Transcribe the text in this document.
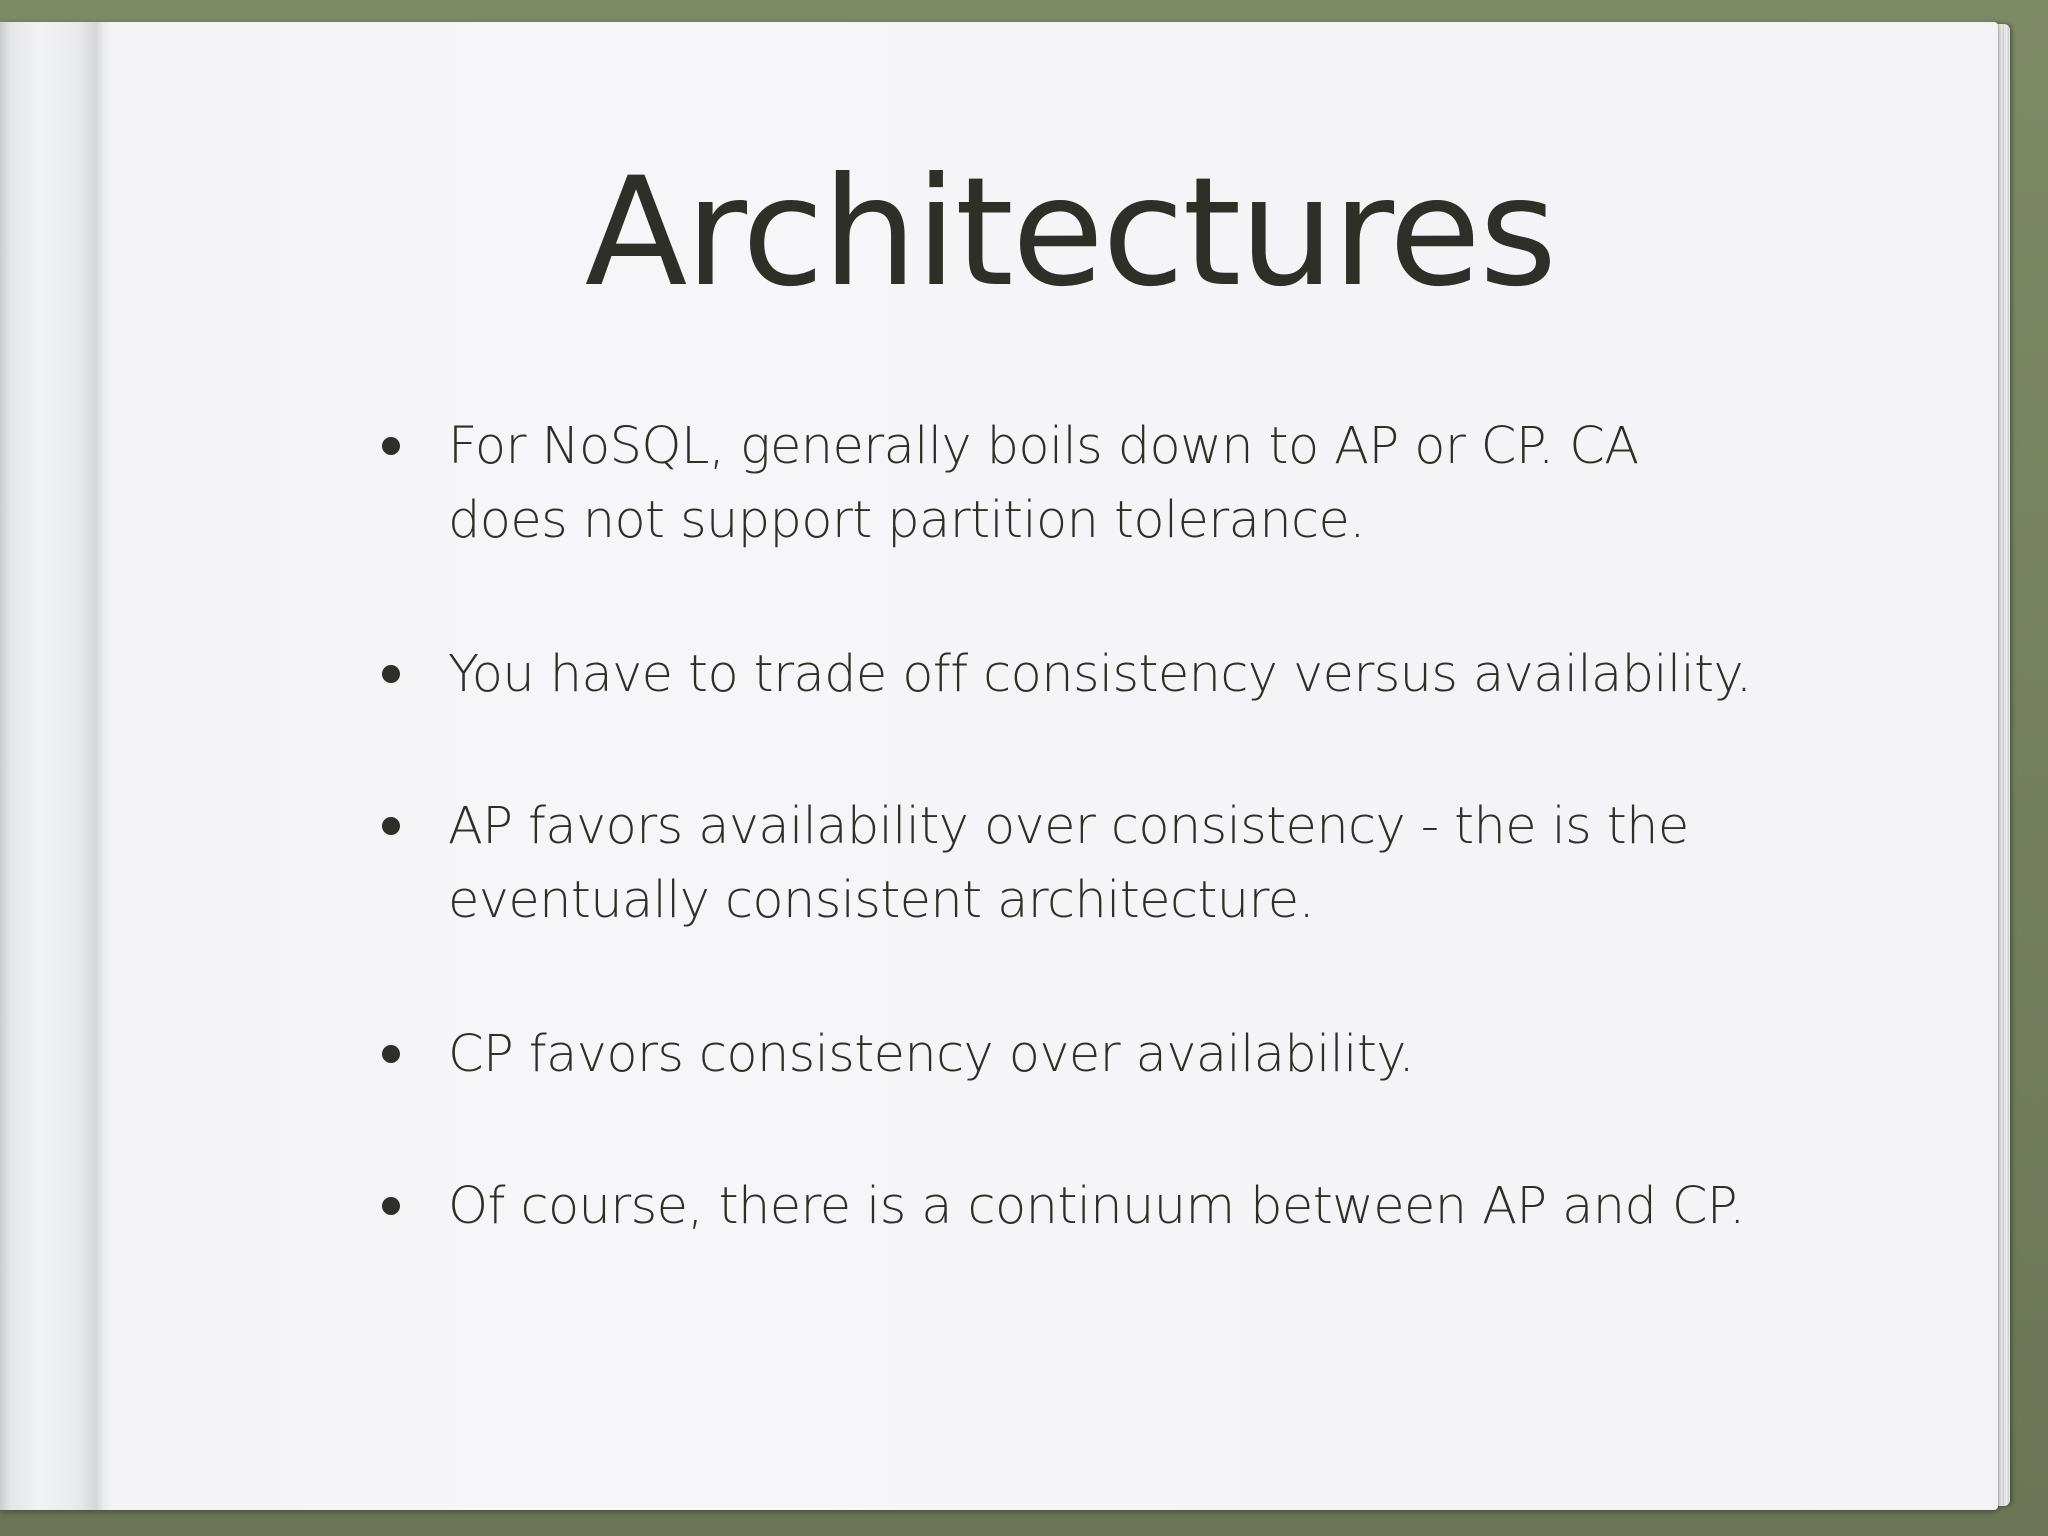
Architectures
For NoSQL, generally boils down to AP or CP. CA
does not support partition tolerance.
You have to trade off consistency versus availability.
AP favors availability over consistency - the is the
eventually consistent architecture.
CP favors consistency over availability.
Of course, there is a continuum between AP and CP.
